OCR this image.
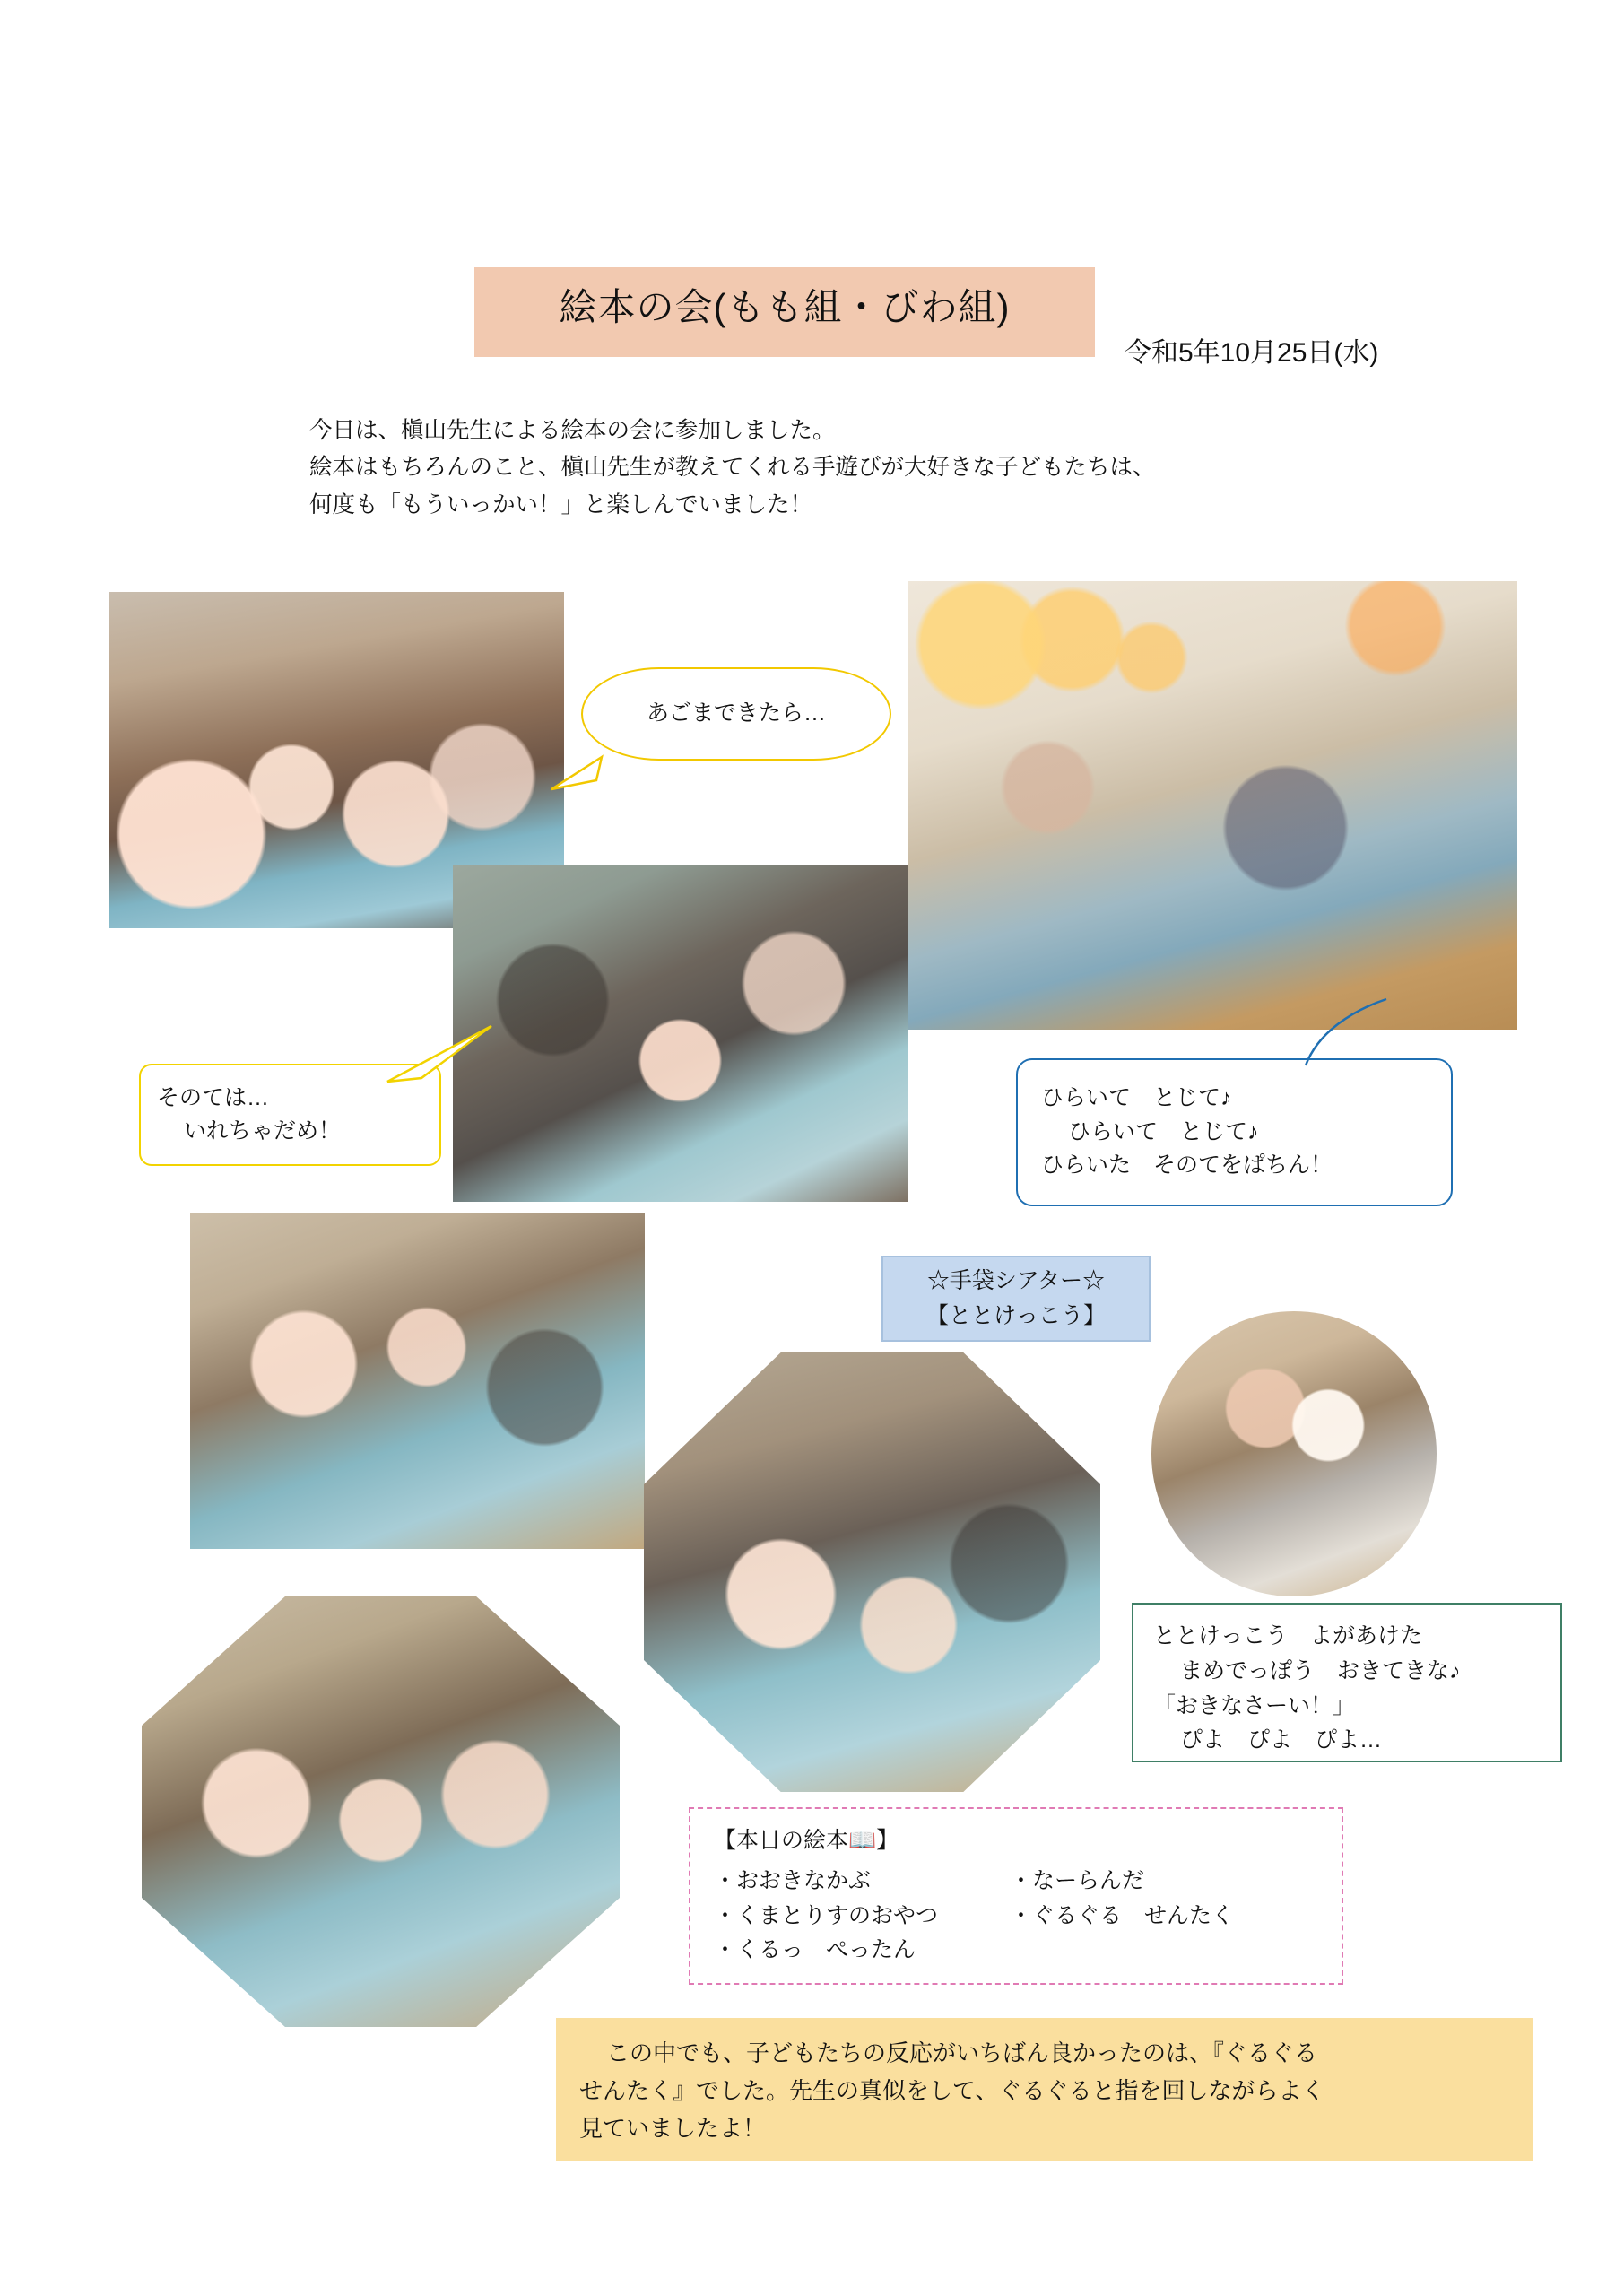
絵本の会(もも組・びわ組)
令和5年10月25日(水)
今日は、槇山先生による絵本の会に参加しました。
絵本はもちろんのこと、槇山先生が教えてくれる手遊びが大好きな子どもたちは、
何度も「もういっかい！」と楽しんでいました！
あごまできたら…
そのては…
いれちゃだめ！
ひらいて　とじて♪
ひらいて　とじて♪
ひらいた　そのてをぱちん！
☆手袋シアター☆
【ととけっこう】
ととけっこう　よがあけた
まめでっぽう　おきてきな♪
「おきなさーい！」
ぴよ　ぴよ　ぴよ…
【本日の絵本📖】
・おおきなかぶ	・なーらんだ
・くまとりすのおやつ	・ぐるぐる　せんたく
・くるっ　ぺったん
この中でも、子どもたちの反応がいちばん良かったのは、『ぐるぐる
せんたく』でした。先生の真似をして、ぐるぐると指を回しながらよく
見ていましたよ！
